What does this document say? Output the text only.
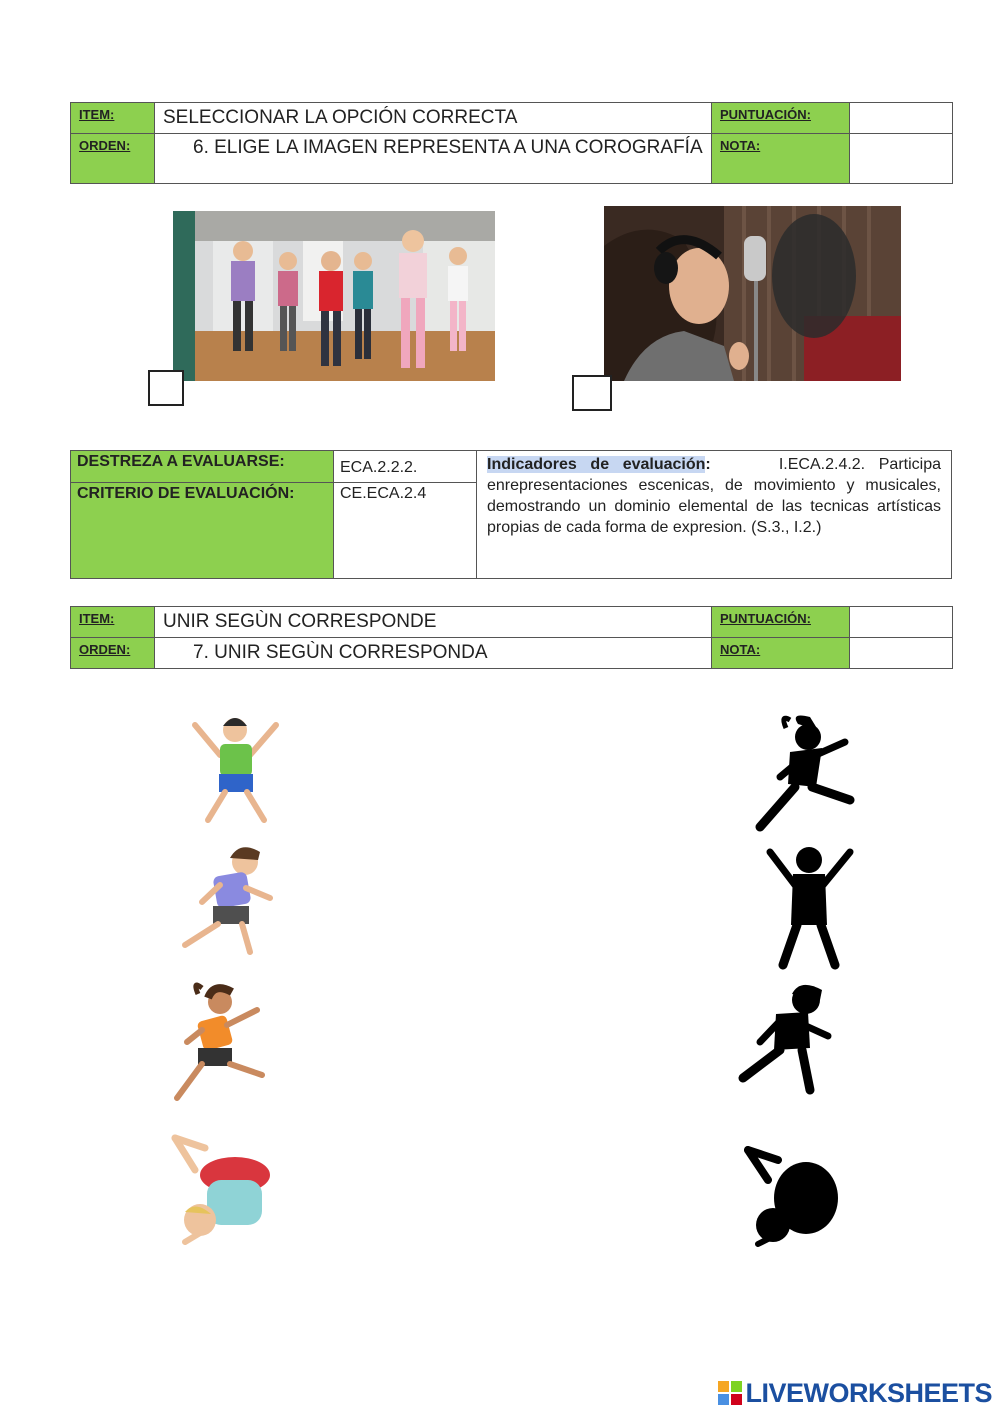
ITEM:	SELECCIONAR LA OPCIÓN CORRECTA	PUNTUACIÓN:	

ORDEN:	6. ELIGE LA IMAGEN REPRESENTA A UNA COROGRAFÍA	NOTA:	

DESTREZA A EVALUARSE:	ECA.2.2.2.	Indicadores de evaluación: I.ECA.2.4.2. Participa enrepresentaciones escenicas, de movimiento y musicales, demostrando un dominio elemental de las tecnicas artísticas propias de cada forma de expresion. (S.3., I.2.)

CRITERIO DE EVALUACIÓN:	CE.ECA.2.4	
ITEM:	UNIR SEGÙN CORRESPONDE	PUNTUACIÓN:	

ORDEN:	7. UNIR SEGÙN CORRESPONDA	NOTA:	

LIVEWORKSHEETS
